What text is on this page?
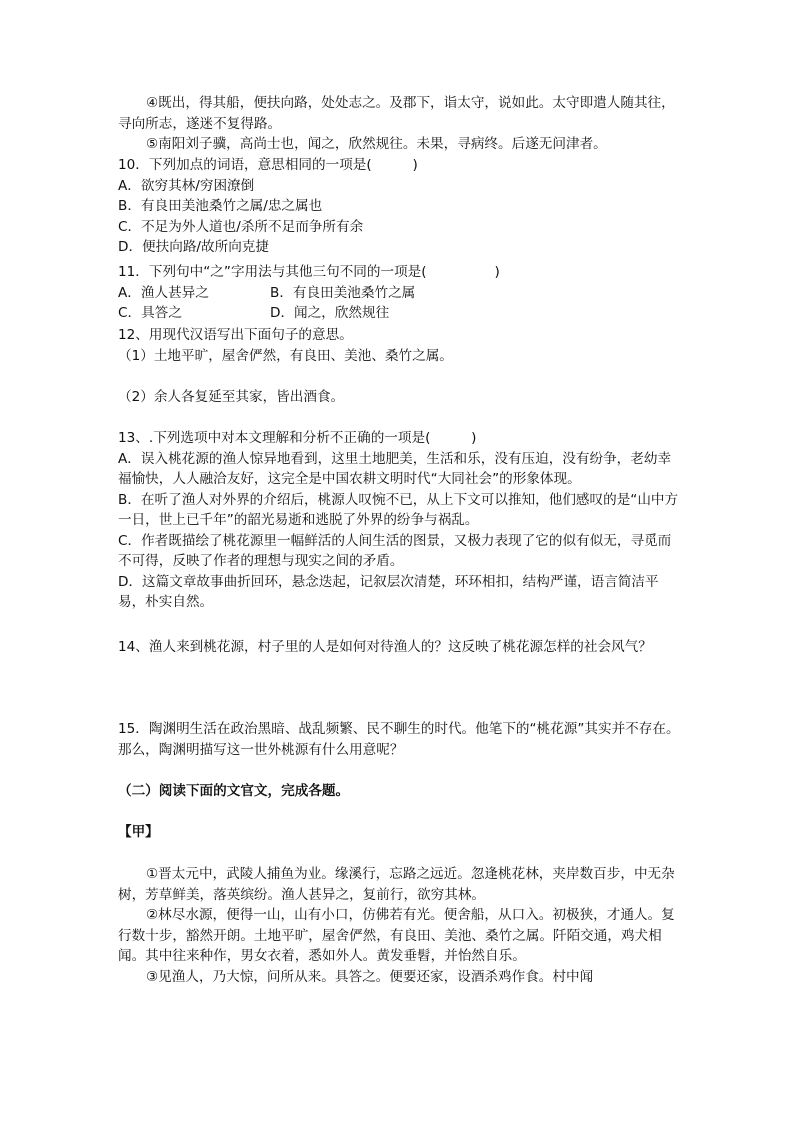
④既出，得其船，便扶向路，处处志之。及郡下，诣太守，说如此。太守即遣人随其往，寻向所志，遂迷不复得路。

⑤南阳刘子骥，高尚士也，闻之，欣然规往。未果，寻病终。后遂无问津者。

10．下列加点的词语，意思相同的一项是(　　　)
A．欲穷其林/穷困潦倒
B．有良田美池桑竹之属/忠之属也
C．不足为外人道也/杀所不足而争所有余
D．便扶向路/故所向克捷
11．下列句中“之”字用法与其他三句不同的一项是(　　　　　)
A．渔人甚异之	B．有良田美池桑竹之属
C．具答之	D．闻之，欣然规往
12、用现代汉语写出下面句子的意思。
（1）土地平旷，屋舍俨然，有良田、美池、桑竹之属。
（2）余人各复延至其家，皆出酒食。
13、.下列选项中对本文理解和分析不正确的一项是(　　　)
A．误入桃花源的渔人惊异地看到，这里土地肥美，生活和乐，没有压迫，没有纷争，老幼幸福愉快，人人融洽友好，这完全是中国农耕文明时代“大同社会”的形象体现。
B．在听了渔人对外界的介绍后，桃源人叹惋不已，从上下文可以推知，他们感叹的是“山中方一日，世上已千年”的韶光易逝和逃脱了外界的纷争与祸乱。
C．作者既描绘了桃花源里一幅鲜活的人间生活的图景，又极力表现了它的似有似无，寻觅而不可得，反映了作者的理想与现实之间的矛盾。
D．这篇文章故事曲折回环，悬念迭起，记叙层次清楚，环环相扣，结构严谨，语言简洁平易，朴实自然。
14、渔人来到桃花源，村子里的人是如何对待渔人的？这反映了桃花源怎样的社会风气？
15．陶渊明生活在政治黑暗、战乱频繁、民不聊生的时代。他笔下的“桃花源”其实并不存在。那么，陶渊明描写这一世外桃源有什么用意呢？
（二）阅读下面的文官文，完成各题。
【甲】

①晋太元中，武陵人捕鱼为业。缘溪行，忘路之远近。忽逢桃花林，夹岸数百步，中无杂树，芳草鲜美，落英缤纷。渔人甚异之，复前行，欲穷其林。

②林尽水源，便得一山，山有小口，仿佛若有光。便舍船，从口入。初极狭，才通人。复行数十步，豁然开朗。土地平旷，屋舍俨然，有良田、美池、桑竹之属。阡陌交通，鸡犬相闻。其中往来种作，男女衣着，悉如外人。黄发垂髫，并怡然自乐。

③见渔人，乃大惊，问所从来。具答之。便要还家，设酒杀鸡作食。村中闻
